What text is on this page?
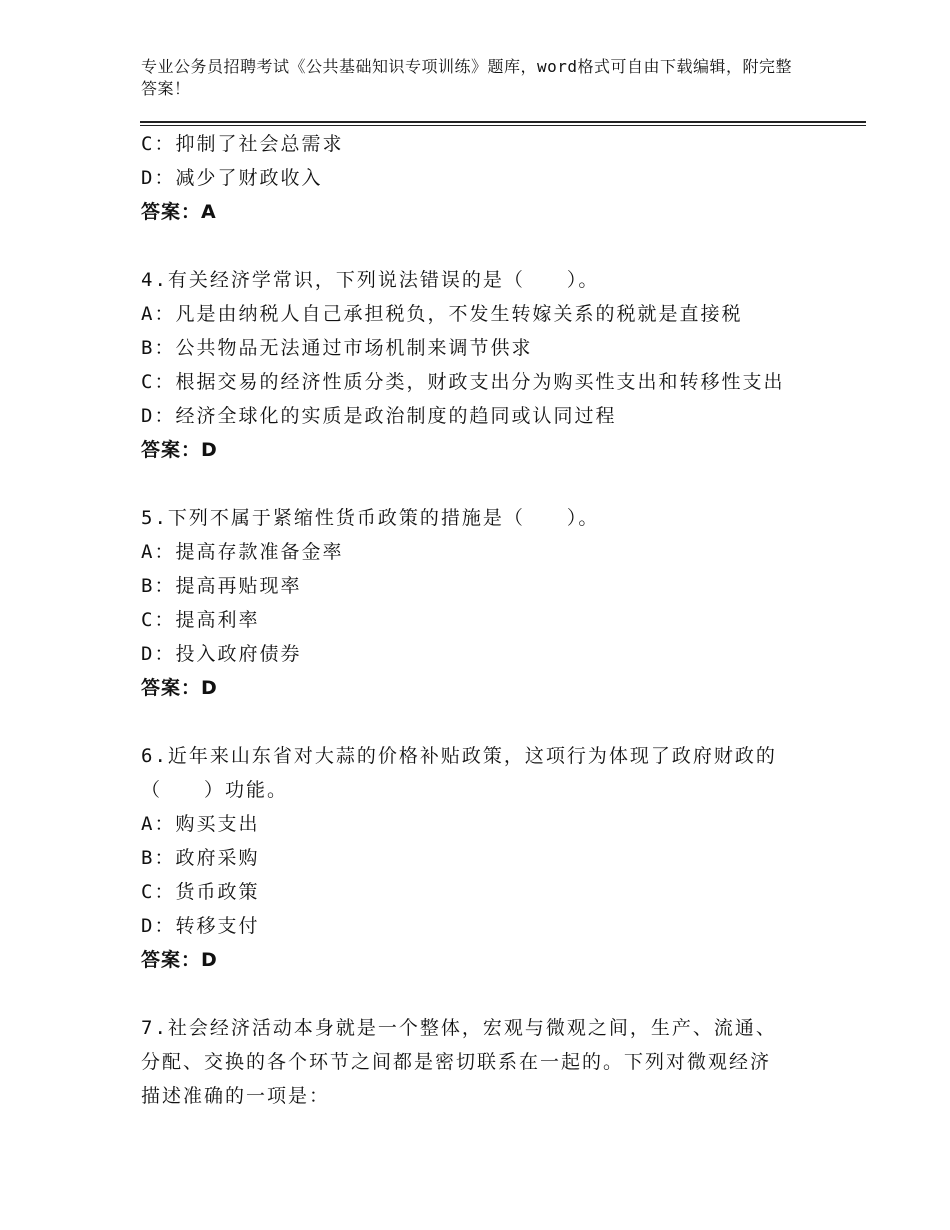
专业公务员招聘考试《公共基础知识专项训练》题库，word格式可自由下载编辑，附完整答案！
C：抑制了社会总需求
D：减少了财政收入
答案：A
4.有关经济学常识，下列说法错误的是（　　）。
A：凡是由纳税人自己承担税负，不发生转嫁关系的税就是直接税
B：公共物品无法通过市场机制来调节供求
C：根据交易的经济性质分类，财政支出分为购买性支出和转移性支出
D：经济全球化的实质是政治制度的趋同或认同过程
答案：D
5.下列不属于紧缩性货币政策的措施是（　　）。
A：提高存款准备金率
B：提高再贴现率
C：提高利率
D：投入政府债券
答案：D
6.近年来山东省对大蒜的价格补贴政策，这项行为体现了政府财政的
（　　）功能。
A：购买支出
B：政府采购
C：货币政策
D：转移支付
答案：D
7.社会经济活动本身就是一个整体，宏观与微观之间，生产、流通、
分配、交换的各个环节之间都是密切联系在一起的。下列对微观经济
描述准确的一项是：
